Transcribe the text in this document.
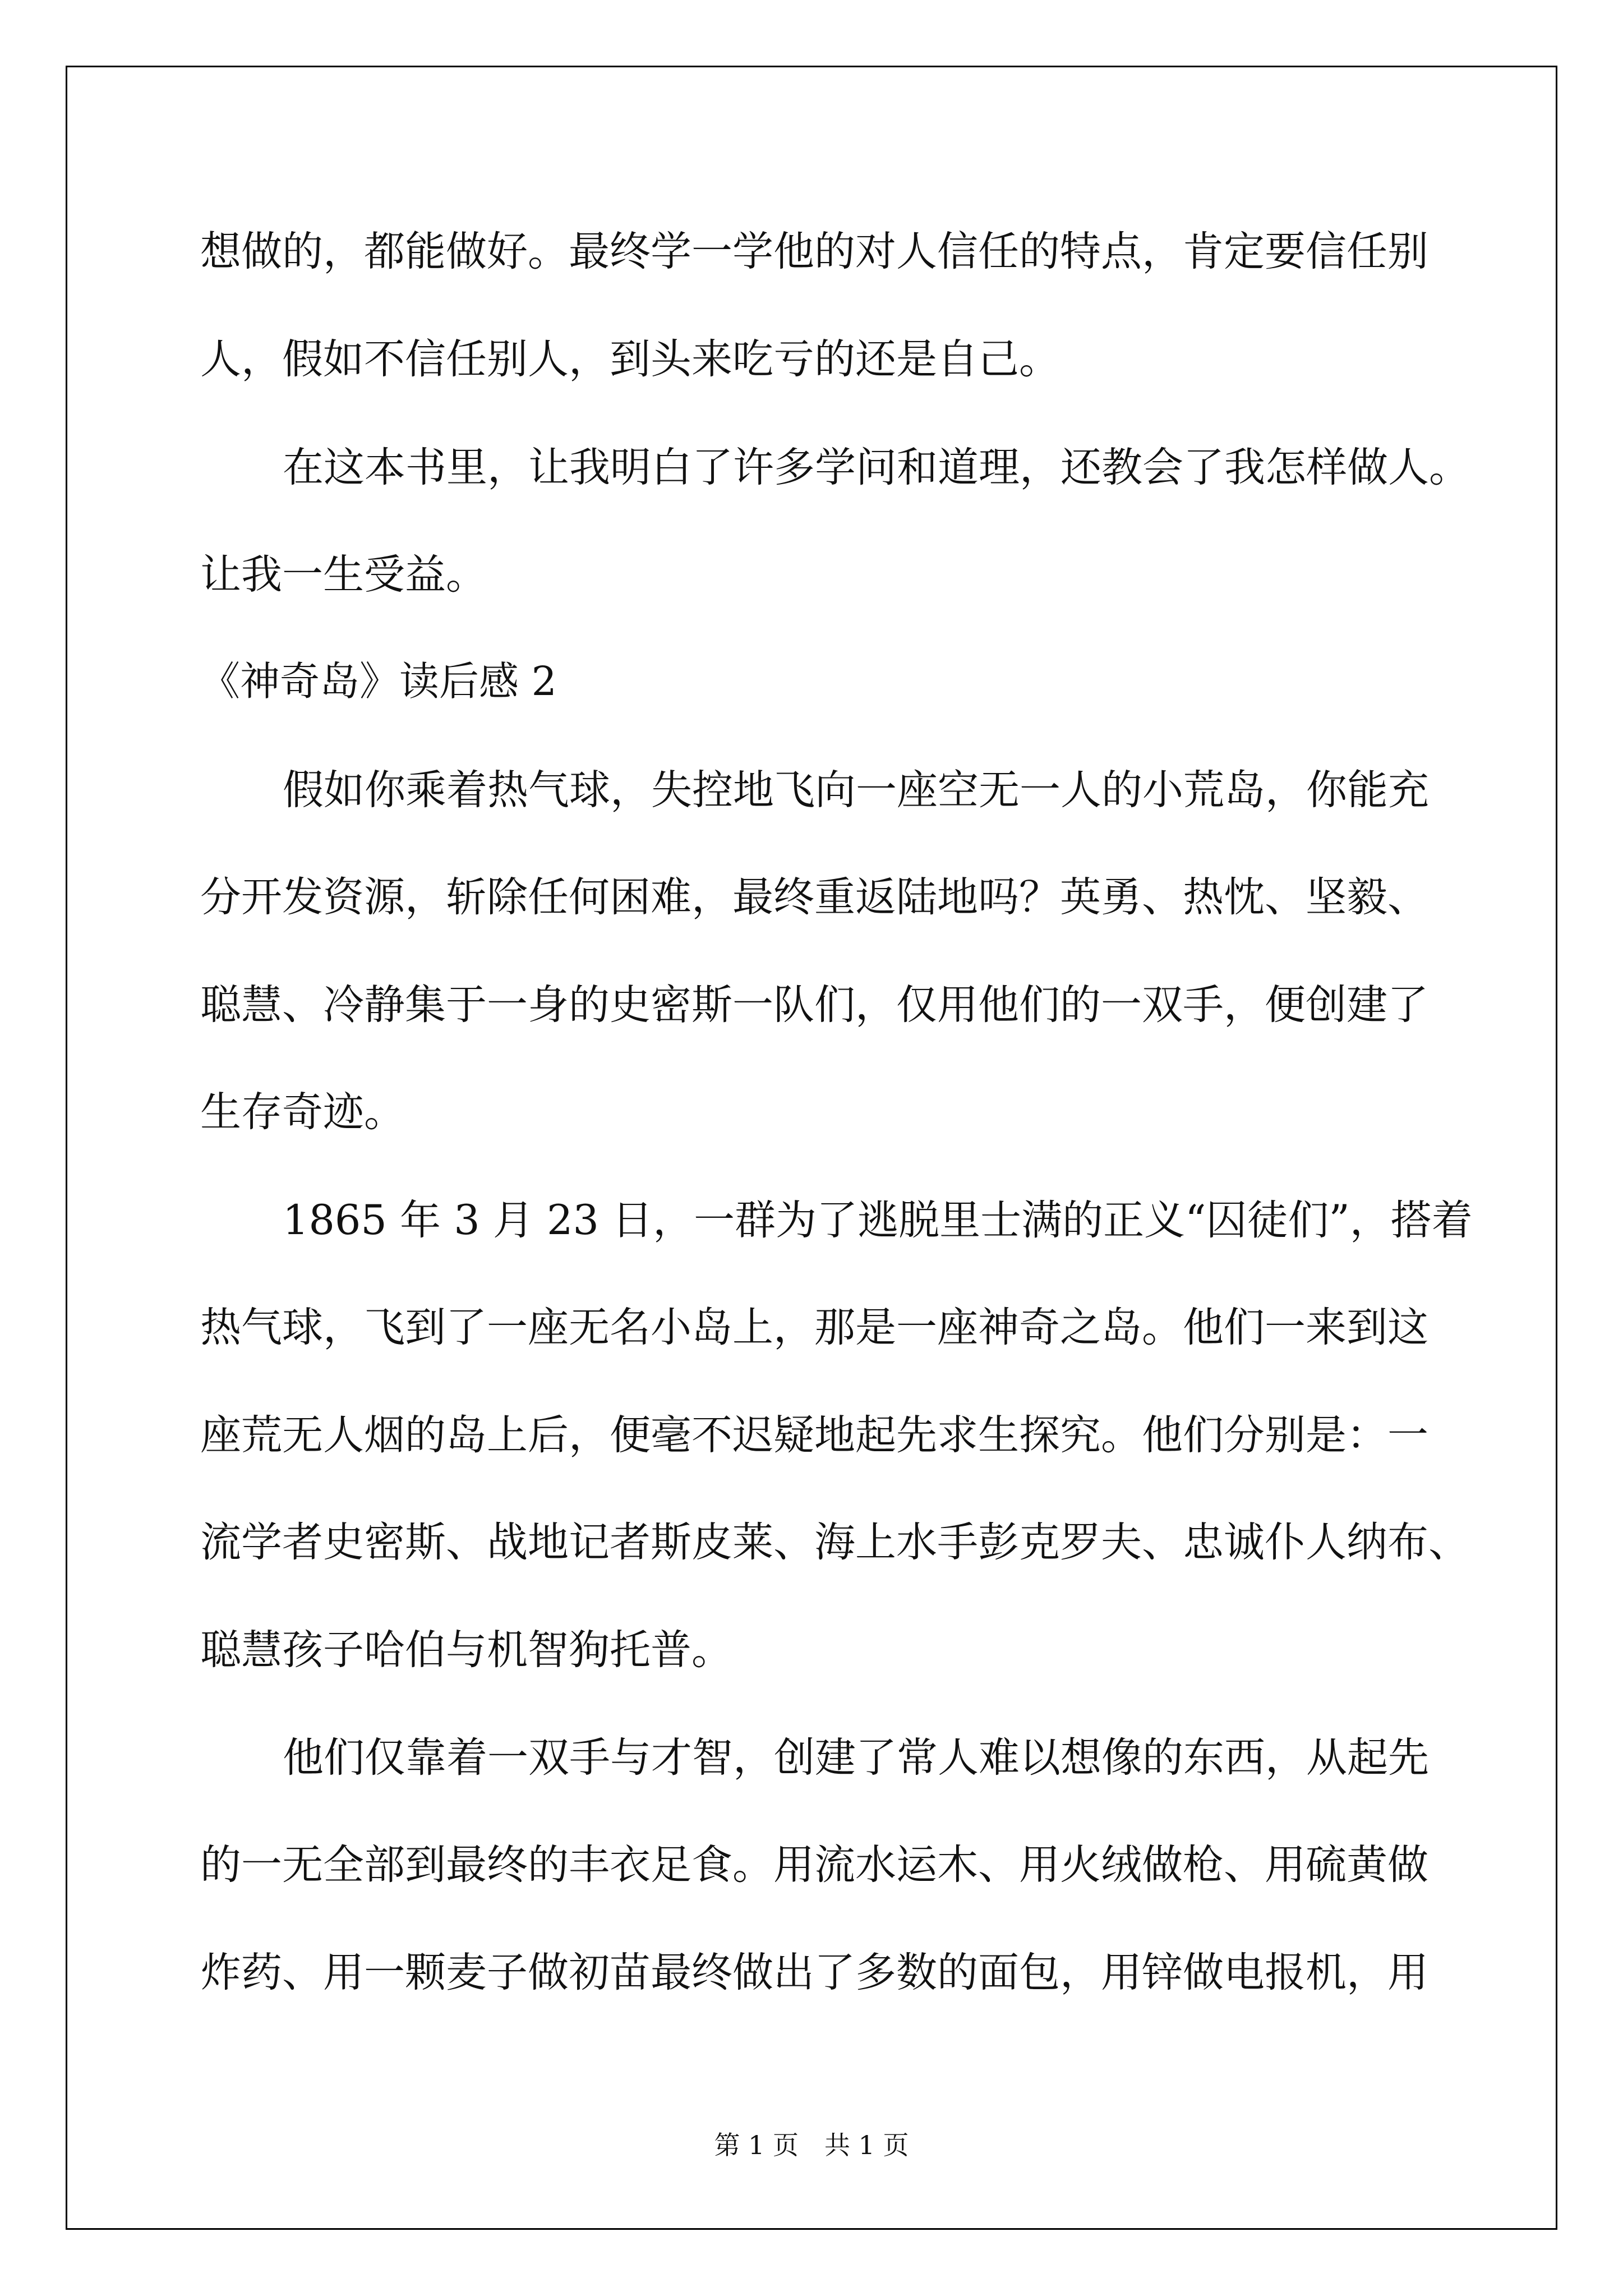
想做的，都能做好。最终学一学他的对人信任的特点，肯定要信任别
人，假如不信任别人，到头来吃亏的还是自己。
在这本书里，让我明白了许多学问和道理，还教会了我怎样做人。
让我一生受益。
《神奇岛》读后感 2
假如你乘着热气球，失控地飞向一座空无一人的小荒岛，你能充
分开发资源，斩除任何困难，最终重返陆地吗？英勇、热忱、坚毅、
聪慧、冷静集于一身的史密斯一队们，仅用他们的一双手，便创建了
生存奇迹。
1865 年 3 月 23 日，一群为了逃脱里士满的正义“囚徒们”，搭着
热气球，飞到了一座无名小岛上，那是一座神奇之岛。他们一来到这
座荒无人烟的岛上后，便毫不迟疑地起先求生探究。他们分别是：一
流学者史密斯、战地记者斯皮莱、海上水手彭克罗夫、忠诚仆人纳布、
聪慧孩子哈伯与机智狗托普。
他们仅靠着一双手与才智，创建了常人难以想像的东西，从起先
的一无全部到最终的丰衣足食。用流水运木、用火绒做枪、用硫黄做
炸药、用一颗麦子做初苗最终做出了多数的面包，用锌做电报机，用
第 1 页　共 1 页
